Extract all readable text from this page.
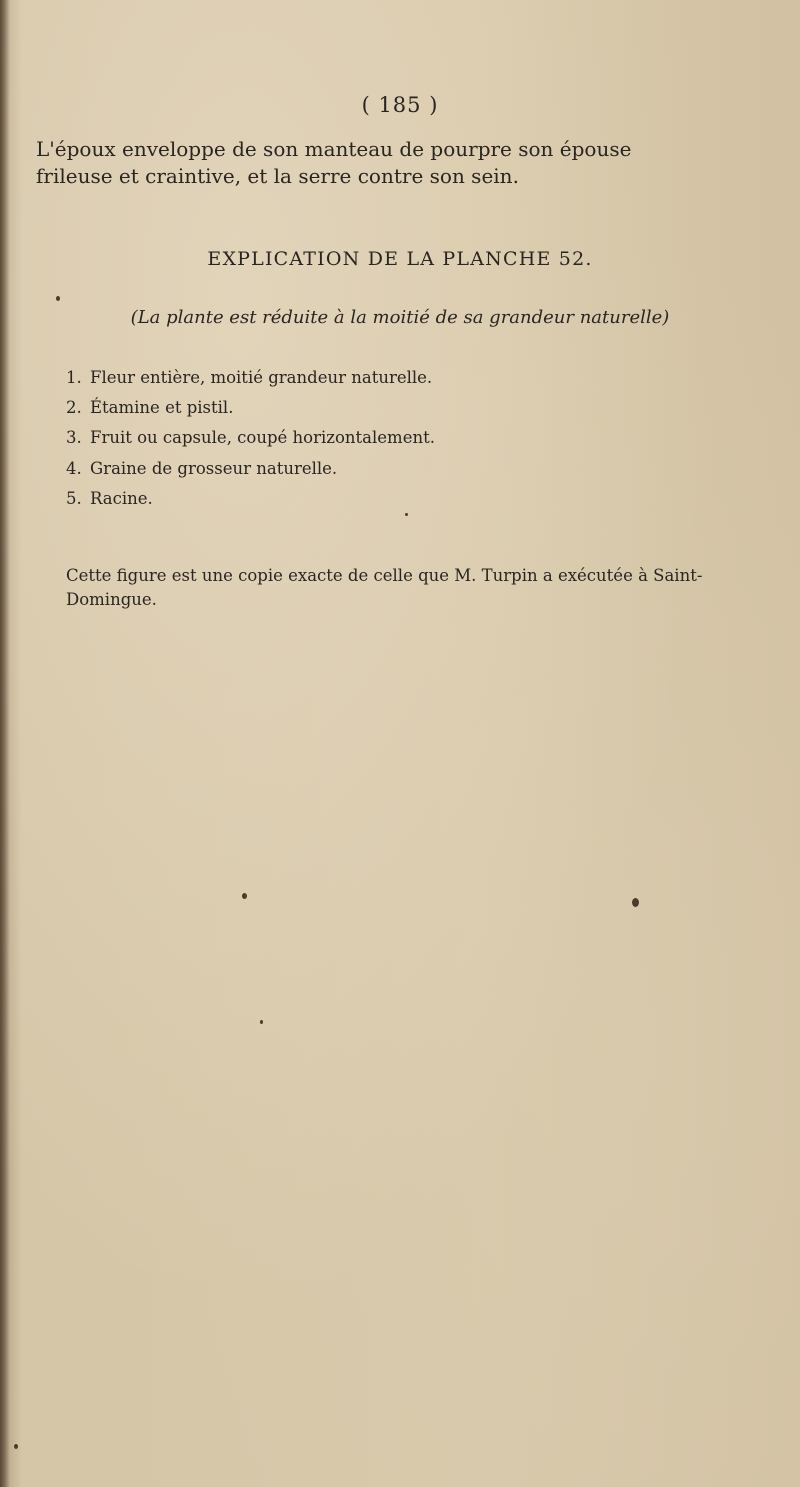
( 185 )
L'époux enveloppe de son manteau de pourpre son épouse
frileuse et craintive, et la serre contre son sein.
EXPLICATION DE LA PLANCHE 52.
(La plante est réduite à la moitié de sa grandeur naturelle)
1. Fleur entière, moitié grandeur naturelle.
2. Étamine et pistil.
3. Fruit ou capsule, coupé horizontalement.
4. Graine de grosseur naturelle.
5. Racine.
Cette figure est une copie exacte de celle que M. Turpin a exécutée à Saint-
Domingue.
